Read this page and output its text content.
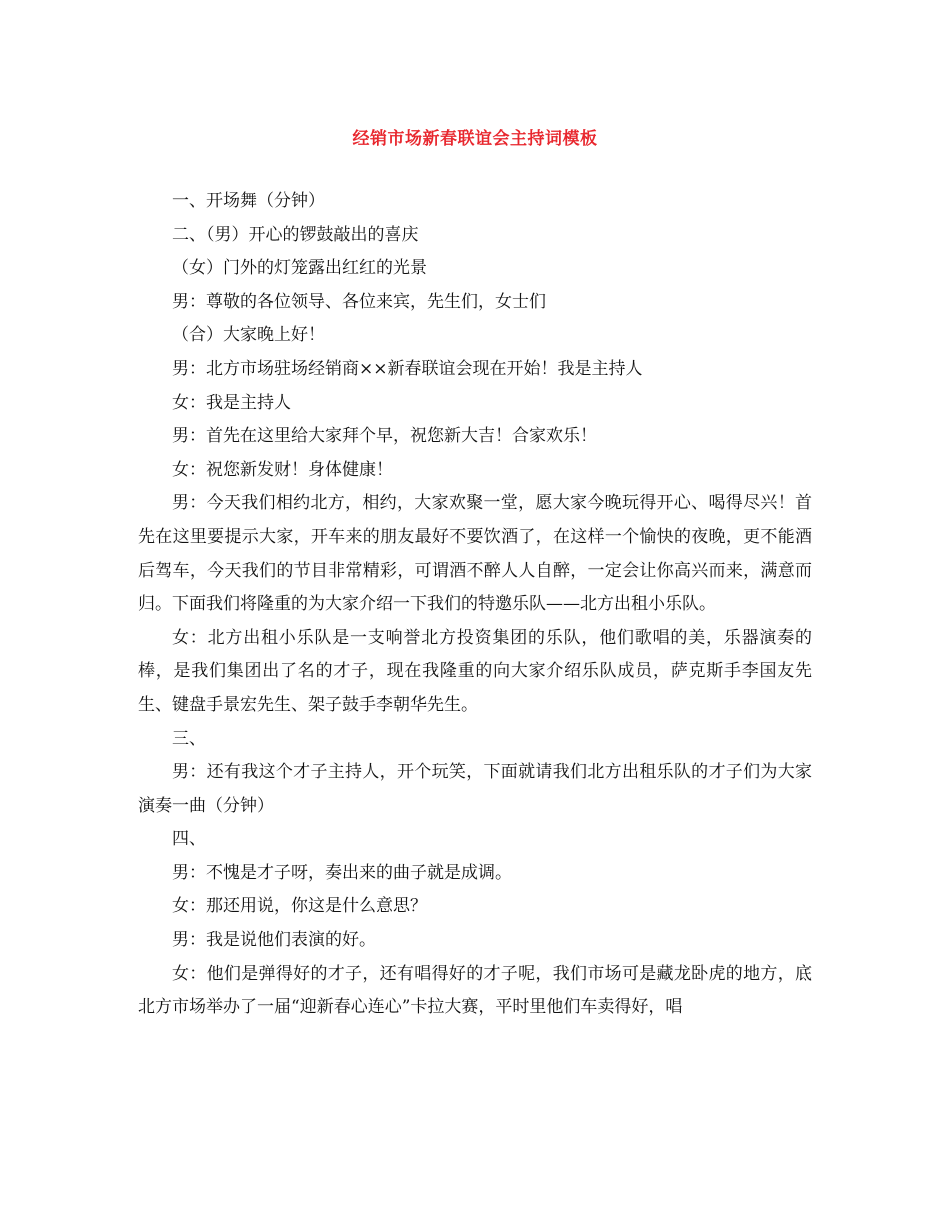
经销市场新春联谊会主持词模板

一、开场舞（分钟）

二、（男）开心的锣鼓敲出的喜庆

（女）门外的灯笼露出红红的光景

男：尊敬的各位领导、各位来宾，先生们，女士们

（合）大家晚上好！

男：北方市场驻场经销商××新春联谊会现在开始！我是主持人

女：我是主持人

男：首先在这里给大家拜个早，祝您新大吉！合家欢乐！

女：祝您新发财！身体健康！

男：今天我们相约北方，相约，大家欢聚一堂，愿大家今晚玩得开心、喝得尽兴！首先在这里要提示大家，开车来的朋友最好不要饮酒了，在这样一个愉快的夜晚，更不能酒后驾车，今天我们的节目非常精彩，可谓酒不醉人人自醉，一定会让你高兴而来，满意而归。下面我们将隆重的为大家介绍一下我们的特邀乐队——北方出租小乐队。

女：北方出租小乐队是一支响誉北方投资集团的乐队，他们歌唱的美，乐器演奏的棒，是我们集团出了名的才子，现在我隆重的向大家介绍乐队成员，萨克斯手李国友先生、键盘手景宏先生、架子鼓手李朝华先生。

三、

男：还有我这个才子主持人，开个玩笑，下面就请我们北方出租乐队的才子们为大家演奏一曲（分钟）

四、

男：不愧是才子呀，奏出来的曲子就是成调。

女：那还用说，你这是什么意思？

男：我是说他们表演的好。

女：他们是弹得好的才子，还有唱得好的才子呢，我们市场可是藏龙卧虎的地方，底北方市场举办了一届“迎新春心连心”卡拉大赛，平时里他们车卖得好，唱
